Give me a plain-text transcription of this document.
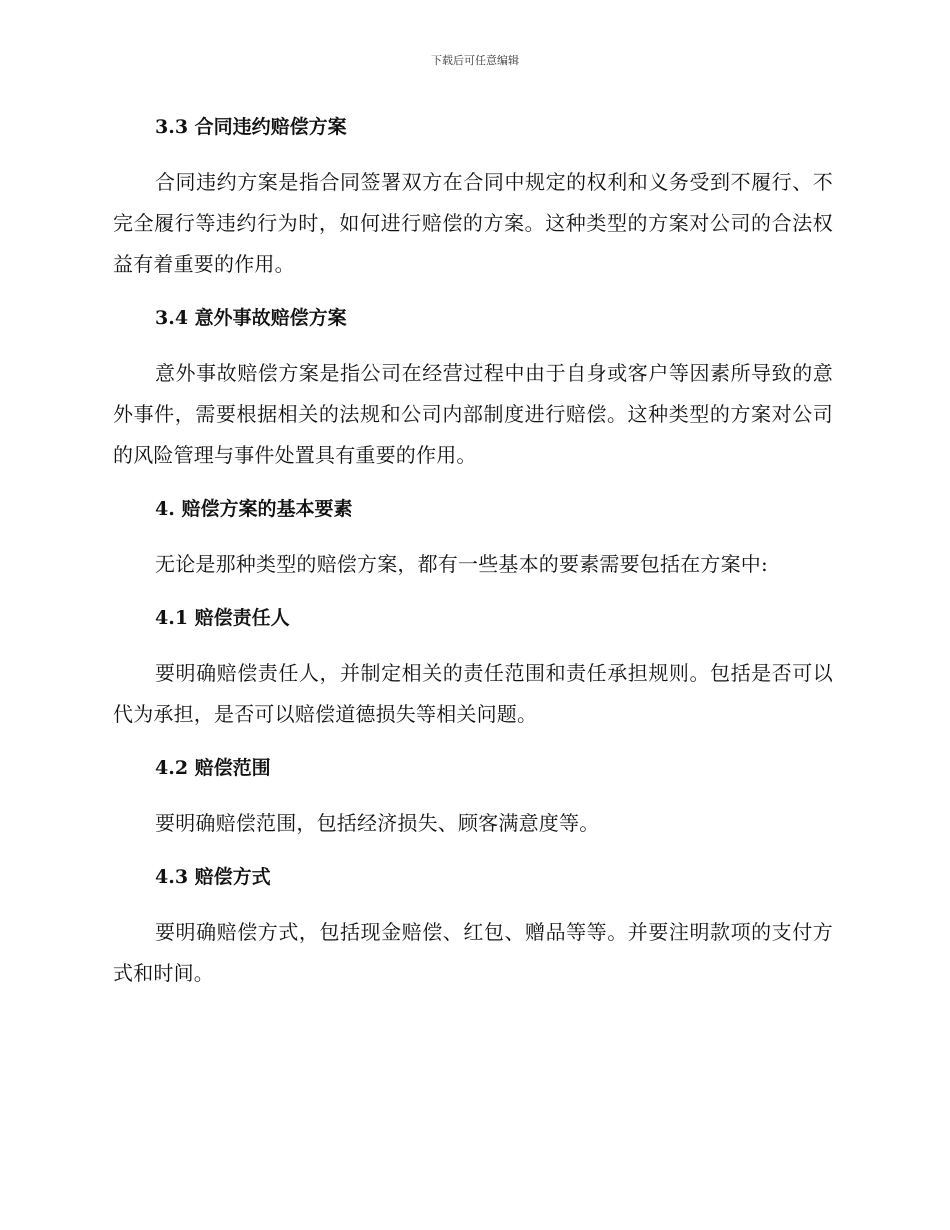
下载后可任意编辑
3.3 合同违约赔偿方案
合同违约方案是指合同签署双方在合同中规定的权利和义务受到不履行、不完全履行等违约行为时，如何进行赔偿的方案。这种类型的方案对公司的合法权益有着重要的作用。
3.4 意外事故赔偿方案
意外事故赔偿方案是指公司在经营过程中由于自身或客户等因素所导致的意外事件，需要根据相关的法规和公司内部制度进行赔偿。这种类型的方案对公司的风险管理与事件处置具有重要的作用。
4. 赔偿方案的基本要素
无论是那种类型的赔偿方案，都有一些基本的要素需要包括在方案中:
4.1 赔偿责任人
要明确赔偿责任人，并制定相关的责任范围和责任承担规则。包括是否可以代为承担，是否可以赔偿道德损失等相关问题。
4.2 赔偿范围
要明确赔偿范围，包括经济损失、顾客满意度等。
4.3 赔偿方式
要明确赔偿方式，包括现金赔偿、红包、赠品等等。并要注明款项的支付方式和时间。
